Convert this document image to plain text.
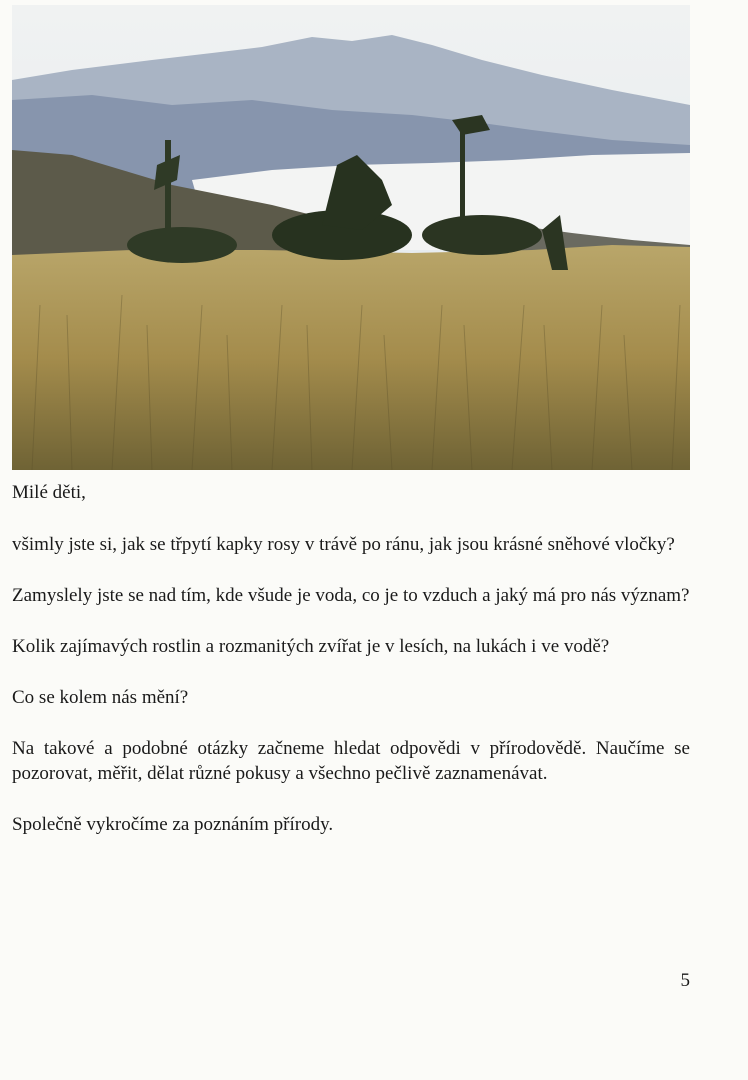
Milé děti,

všimly jste si, jak se třpytí kapky rosy v trávě po ránu, jak jsou krásné sněhové vločky?

Zamyslely jste se nad tím, kde všude je voda, co je to vzduch a jaký má pro nás význam?

Kolik zajímavých rostlin a rozmanitých zvířat je v lesích, na lukách i ve vodě?

Co se kolem nás mění?

Na takové a podobné otázky začneme hledat odpovědi v přírodovědě. Naučíme se pozorovat, měřit, dělat různé pokusy a všechno pečlivě zaznamenávat.

Společně vykročíme za poznáním přírody.

5
